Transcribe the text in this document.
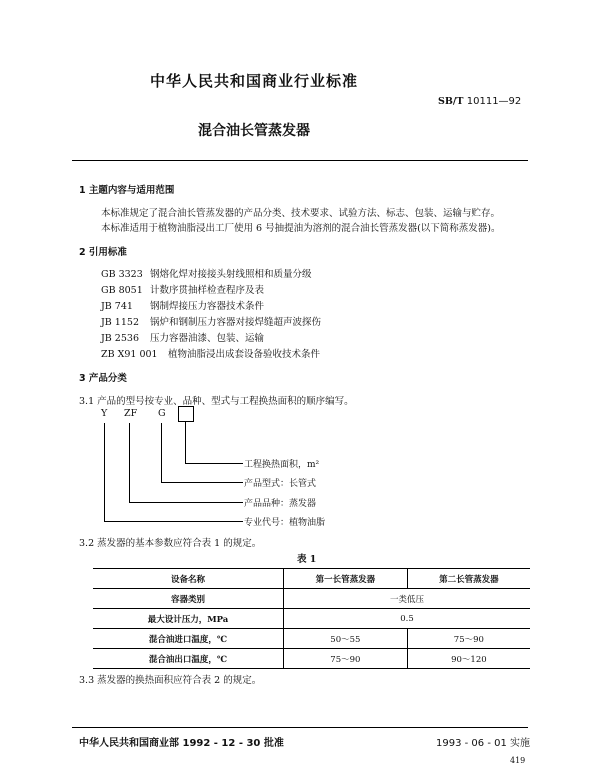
中华人民共和国商业行业标准
SB/T 10111—92
混合油长管蒸发器
1 主题内容与适用范围
本标准规定了混合油长管蒸发器的产品分类、技术要求、试验方法、标志、包装、运输与贮存。
本标准适用于植物油脂浸出工厂使用 6 号抽提油为溶剂的混合油长管蒸发器(以下简称蒸发器)。
2 引用标准
GB 3323 钢熔化焊对接接头射线照相和质量分级
GB 8051 计数序贯抽样检查程序及表
JB 741 钢制焊接压力容器技术条件
JB 1152 锅炉和钢制压力容器对接焊缝超声波探伤
JB 2536 压力容器油漆、包装、运输
ZB X91 001 植物油脂浸出成套设备验收技术条件
3 产品分类
3.1 产品的型号按专业、品种、型式与工程换热面积的顺序编写。
Y ZF G
工程换热面积，m²
产品型式：长管式
产品品种：蒸发器
专业代号：植物油脂
3.2 蒸发器的基本参数应符合表 1 的规定。
表 1
设备名称	第一长管蒸发器	第二长管蒸发器
容器类别	一类低压	
最大设计压力，MPa	0.5	
混合油进口温度，℃	50～55	75～90
混合油出口温度，℃	75～90	90～120
3.3 蒸发器的换热面积应符合表 2 的规定。
中华人民共和国商业部 1992 - 12 - 30 批准	1993 - 06 - 01 实施
419
